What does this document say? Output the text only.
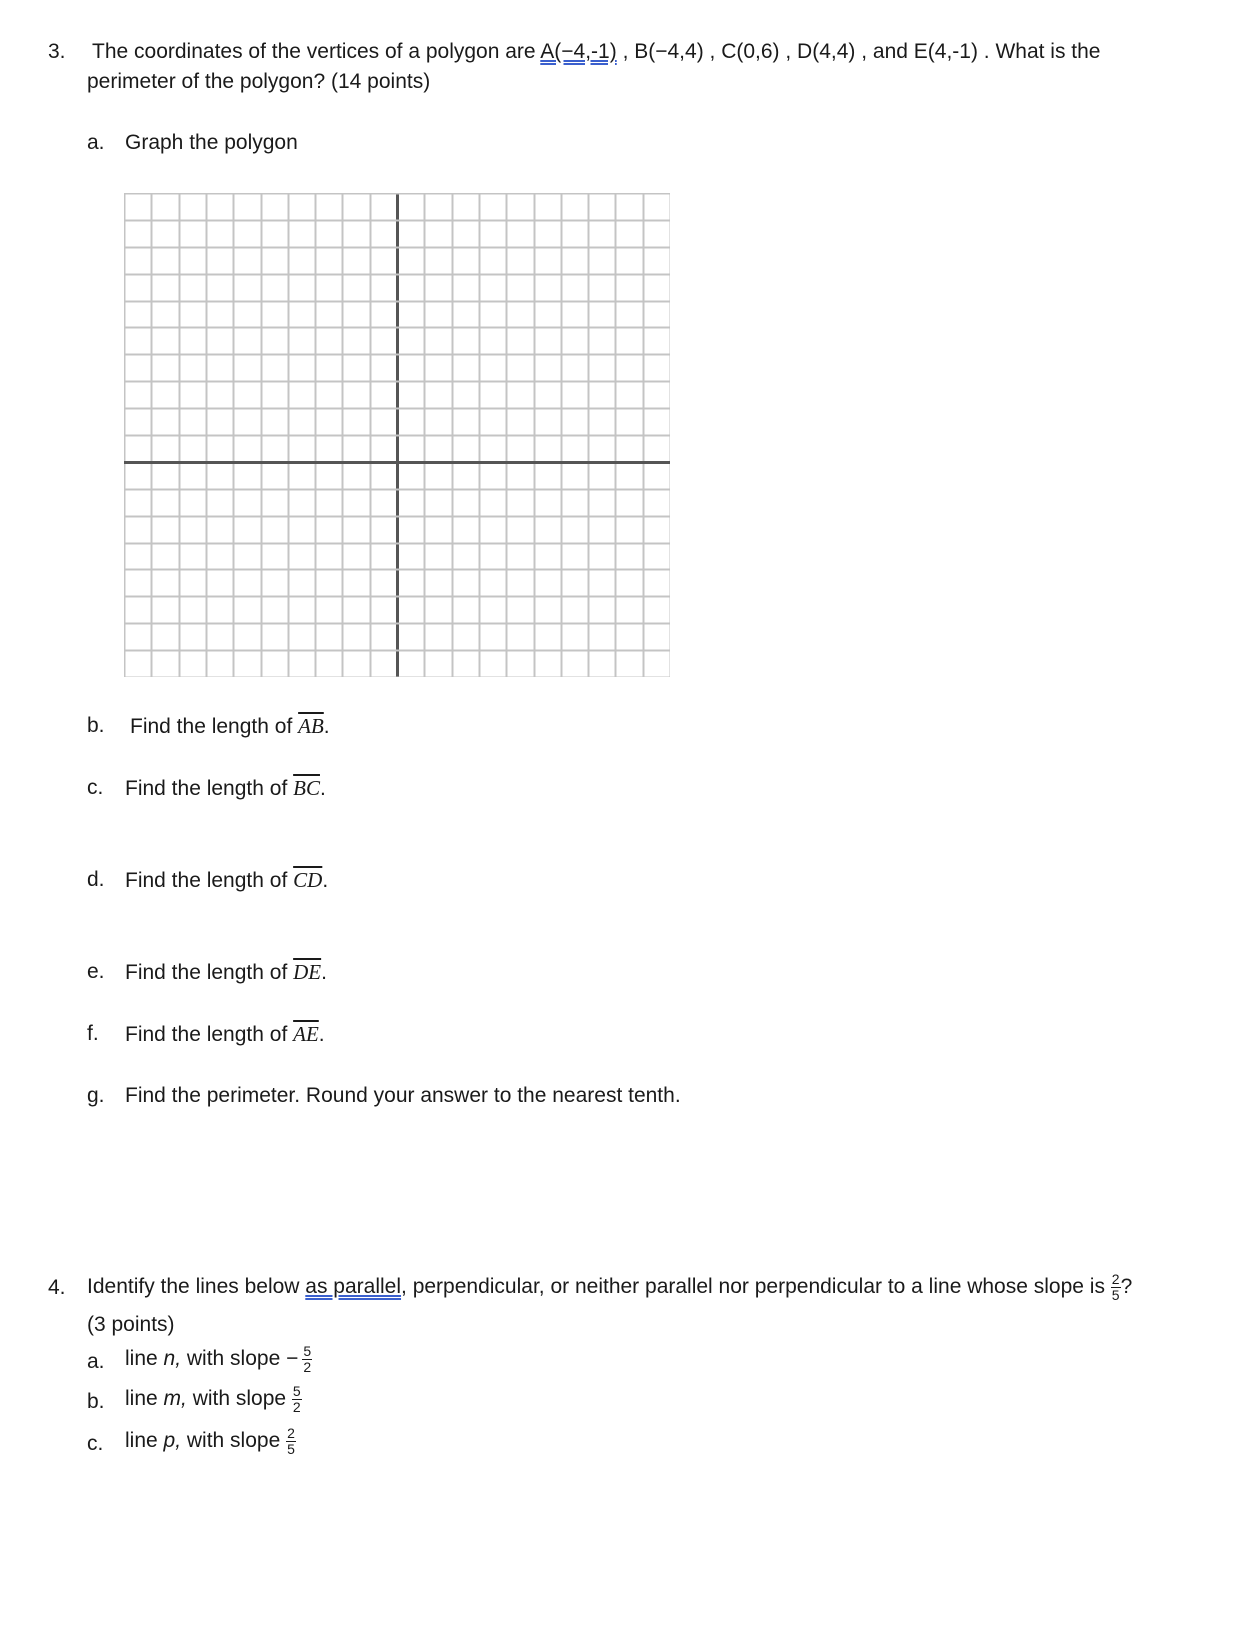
3. The coordinates of the vertices of a polygon are A(−4,-1) , B(−4,4) , C(0,6) , D(4,4) , and E(4,-1) . What is the
perimeter of the polygon? (14 points)
a. Graph the polygon
b. Find the length of $\overline{AB}$.
c. Find the length of $\overline{BC}$.
d. Find the length of $\overline{CD}$.
e. Find the length of $\overline{DE}$.
f. Find the length of $\overline{AE}$.
g. Find the perimeter. Round your answer to the nearest tenth.
4. Identify the lines below as parallel, perpendicular, or neither parallel nor perpendicular to a line whose slope is $\frac{2}{5}$ ?
(3 points)
a. line n, with slope − $\frac{5}{2}$
b. line m, with slope $\frac{5}{2}$
c. line p, with slope $\frac{2}{5}$
